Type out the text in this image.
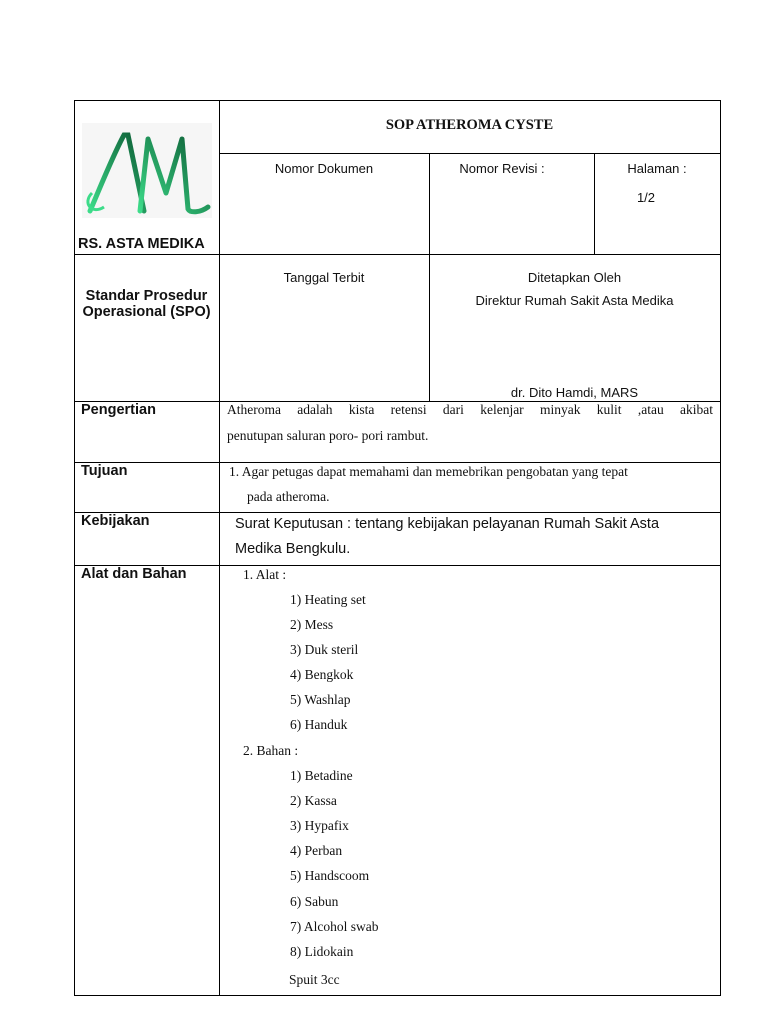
RS. ASTA MEDIKA
SOP ATHEROMA CYSTE
Nomor Dokumen	Nomor Revisi :	Halaman :
1/2
Standar Prosedur
Operasional (SPO)
Tanggal Terbit	Ditetapkan Oleh
Direktur Rumah Sakit Asta Medika
dr. Dito Hamdi, MARS
Pengertian	Atheroma adalah kista retensi dari kelenjar minyak kulit ,atau akibat
penutupan saluran poro- pori rambut.
Tujuan	1. Agar petugas dapat memahami dan memebrikan pengobatan yang tepat
pada atheroma.
Kebijakan	Surat Keputusan : tentang kebijakan pelayanan Rumah Sakit Asta
Medika Bengkulu.
Alat dan Bahan	1. Alat :
1) Heating set
2) Mess
3) Duk steril
4) Bengkok
5) Washlap
6) Handuk
2. Bahan :
1) Betadine
2) Kassa
3) Hypafix
4) Perban
5) Handscoom
6) Sabun
7) Alcohol swab
8) Lidokain
Spuit 3cc
